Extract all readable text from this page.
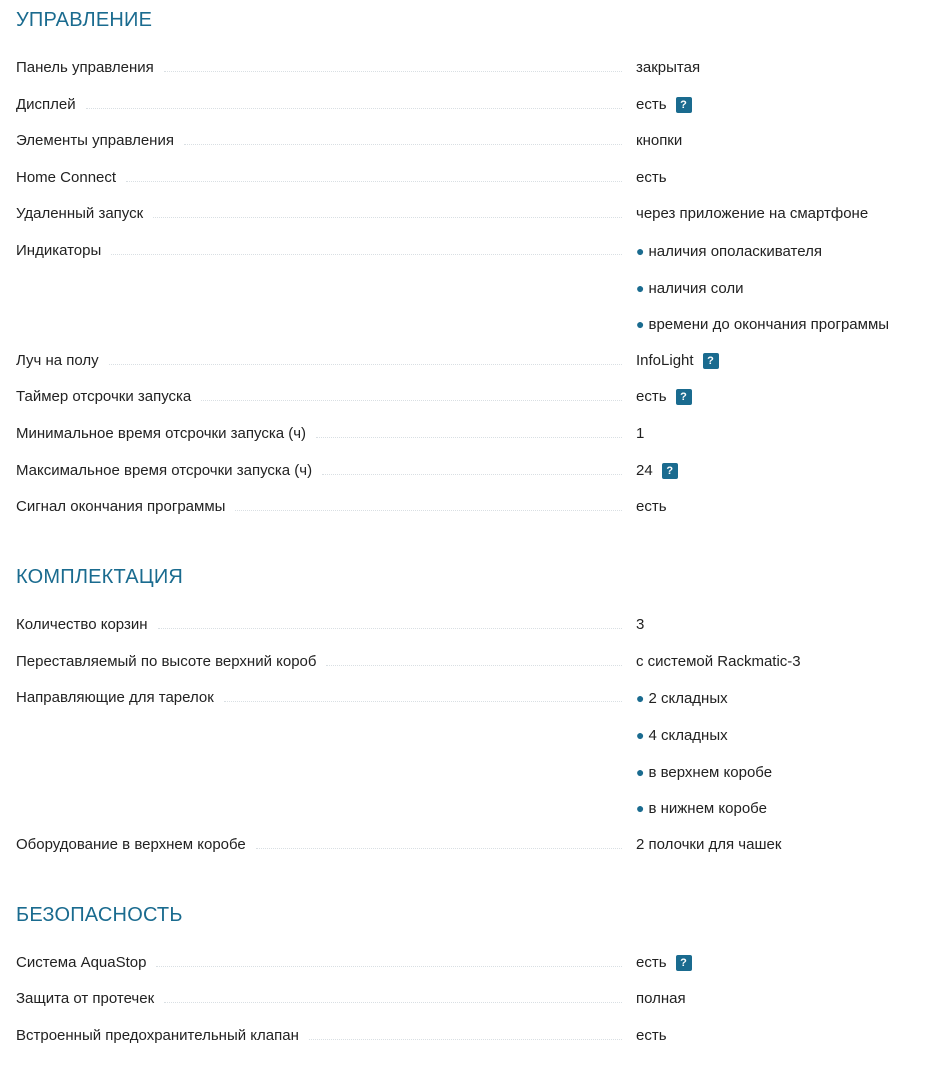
УПРАВЛЕНИЕ
Панель управления	закрытая
Дисплей	есть ?
Элементы управления	кнопки
Home Connect	есть
Удаленный запуск	через приложение на смартфоне
Индикаторы	● наличия ополаскивателя
● наличия соли
● времени до окончания программы
Луч на полу	InfoLight ?
Таймер отсрочки запуска	есть ?
Минимальное время отсрочки запуска (ч)	1
Максимальное время отсрочки запуска (ч)	24 ?
Сигнал окончания программы	есть
КОМПЛЕКТАЦИЯ
Количество корзин	3
Переставляемый по высоте верхний короб	с системой Rackmatic-3
Направляющие для тарелок	● 2 складных
● 4 складных
● в верхнем коробе
● в нижнем коробе
Оборудование в верхнем коробе	2 полочки для чашек
БЕЗОПАСНОСТЬ
Система AquaStop	есть ?
Защита от протечек	полная
Встроенный предохранительный клапан	есть
